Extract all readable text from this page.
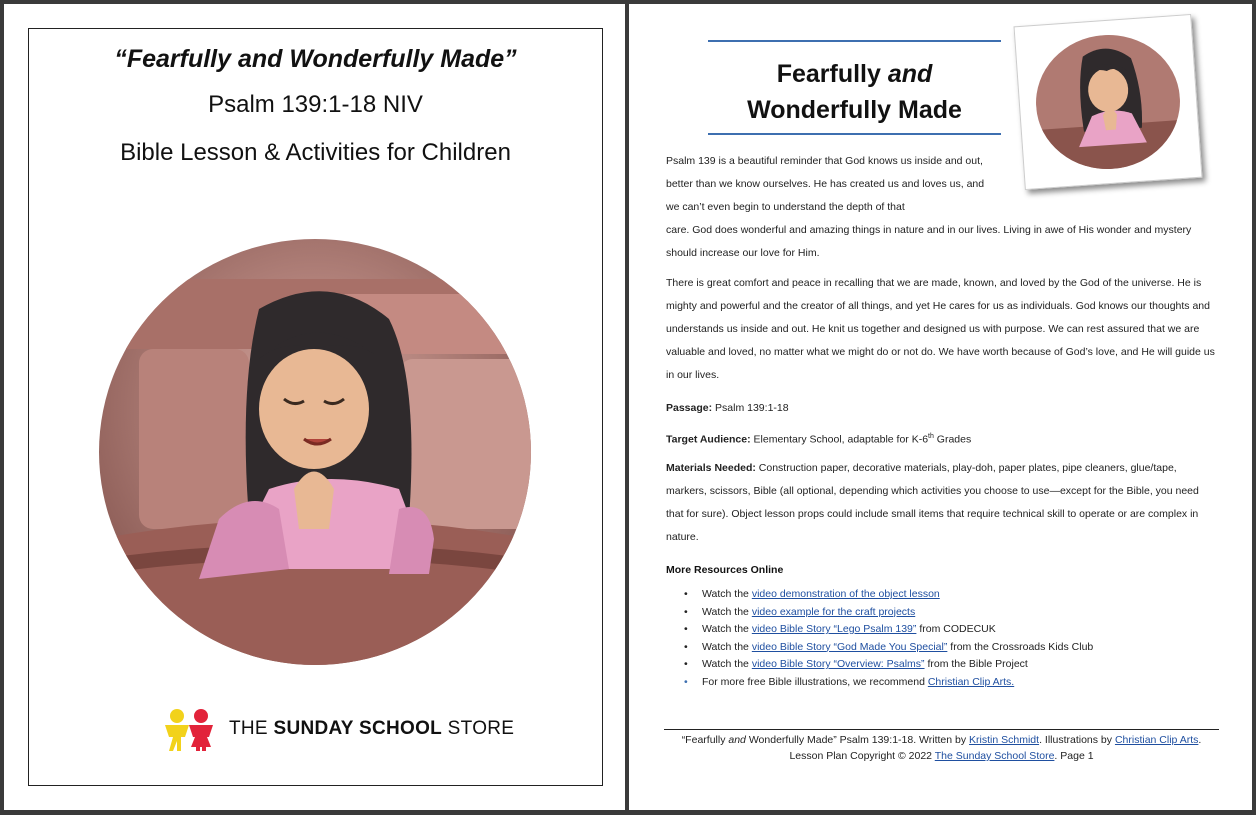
“Fearfully and Wonderfully Made”
Psalm 139:1-18 NIV
Bible Lesson & Activities for Children
THE SUNDAY SCHOOL STORE
Fearfully and
Wonderfully Made
Psalm 139 is a beautiful reminder that God knows us inside and out, better than we know ourselves. He has created us and loves us, and we can’t even begin to understand the depth of that
care. God does wonderful and amazing things in nature and in our lives. Living in awe of His wonder and mystery should increase our love for Him.
There is great comfort and peace in recalling that we are made, known, and loved by the God of the universe. He is mighty and powerful and the creator of all things, and yet He cares for us as individuals. God knows our thoughts and understands us inside and out. He knit us together and designed us with purpose. We can rest assured that we are valuable and loved, no matter what we might do or not do. We have worth because of God’s love, and He will guide us in our lives.
Passage: Psalm 139:1-18
Target Audience: Elementary School, adaptable for K-6th Grades
Materials Needed: Construction paper, decorative materials, play-doh, paper plates, pipe cleaners, glue/tape, markers, scissors, Bible (all optional, depending which activities you choose to use—except for the Bible, you need that for sure). Object lesson props could include small items that require technical skill to operate or are complex in nature.
More Resources Online
• Watch the video demonstration of the object lesson
• Watch the video example for the craft projects
• Watch the video Bible Story “Lego Psalm 139” from CODECUK
• Watch the video Bible Story “God Made You Special” from the Crossroads Kids Club
• Watch the video Bible Story “Overview: Psalms” from the Bible Project
• For more free Bible illustrations, we recommend Christian Clip Arts.
“Fearfully and Wonderfully Made” Psalm 139:1-18. Written by Kristin Schmidt. Illustrations by Christian Clip Arts. Lesson Plan Copyright © 2022 The Sunday School Store. Page 1
